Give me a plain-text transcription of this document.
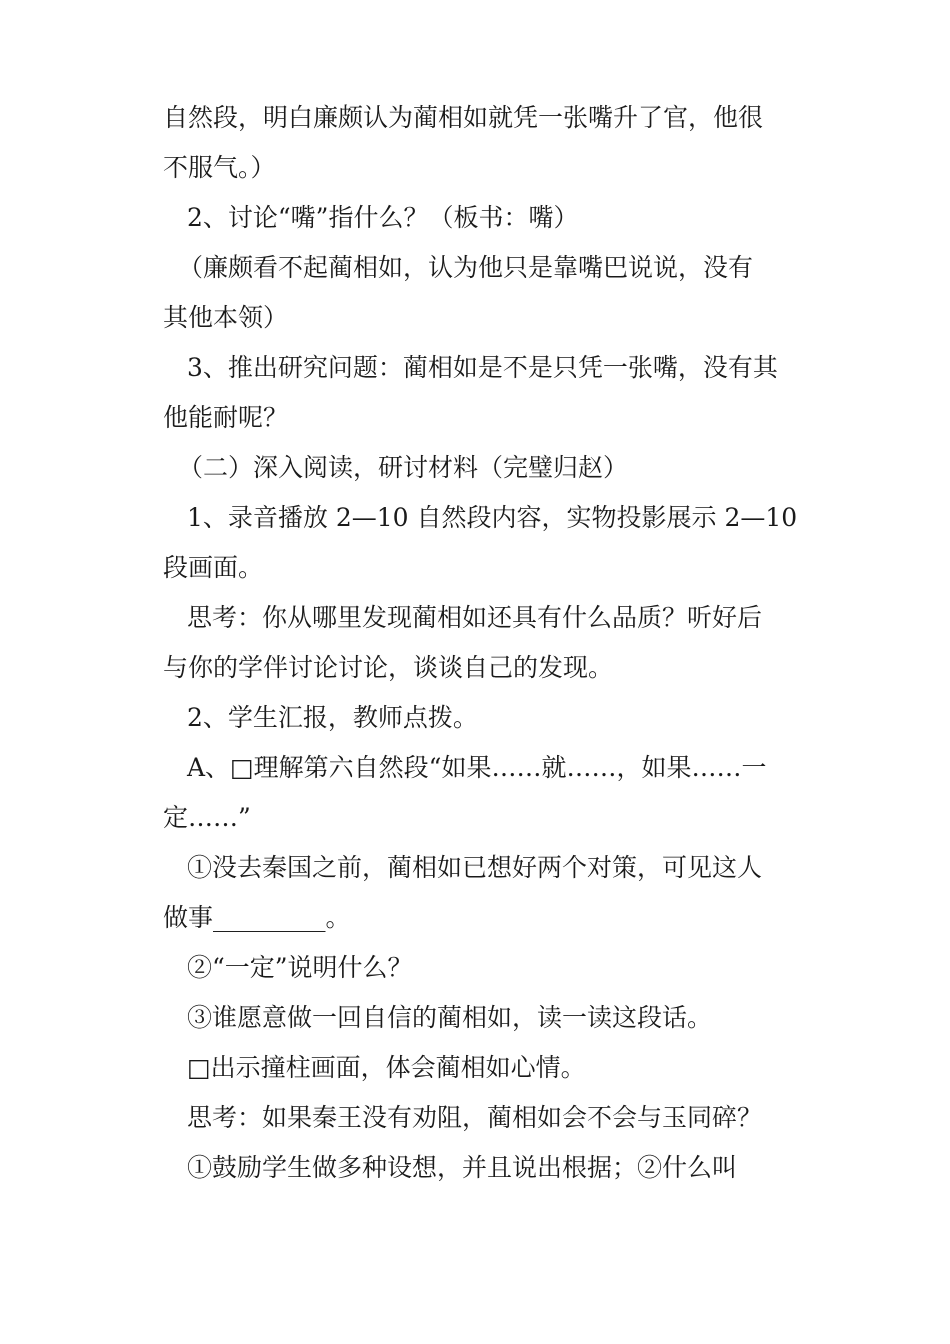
自然段，明白廉颇认为蔺相如就凭一张嘴升了官，他很
不服气。）
2、讨论“嘴”指什么？（板书：嘴）
（廉颇看不起蔺相如，认为他只是靠嘴巴说说，没有
其他本领）
3、推出研究问题：蔺相如是不是只凭一张嘴，没有其
他能耐呢？
（二）深入阅读，研讨材料（完璧归赵）
1、录音播放 2—10 自然段内容，实物投影展示 2—10
段画面。
思考：你从哪里发现蔺相如还具有什么品质？听好后
与你的学伴讨论讨论，谈谈自己的发现。
2、学生汇报，教师点拨。
A、□理解第六自然段“如果……就……，如果……一
定……”
①没去秦国之前，蔺相如已想好两个对策，可见这人
做事_________。
②“一定”说明什么？
③谁愿意做一回自信的蔺相如，读一读这段话。
□出示撞柱画面，体会蔺相如心情。
思考：如果秦王没有劝阻，蔺相如会不会与玉同碎？
①鼓励学生做多种设想，并且说出根据；②什么叫
